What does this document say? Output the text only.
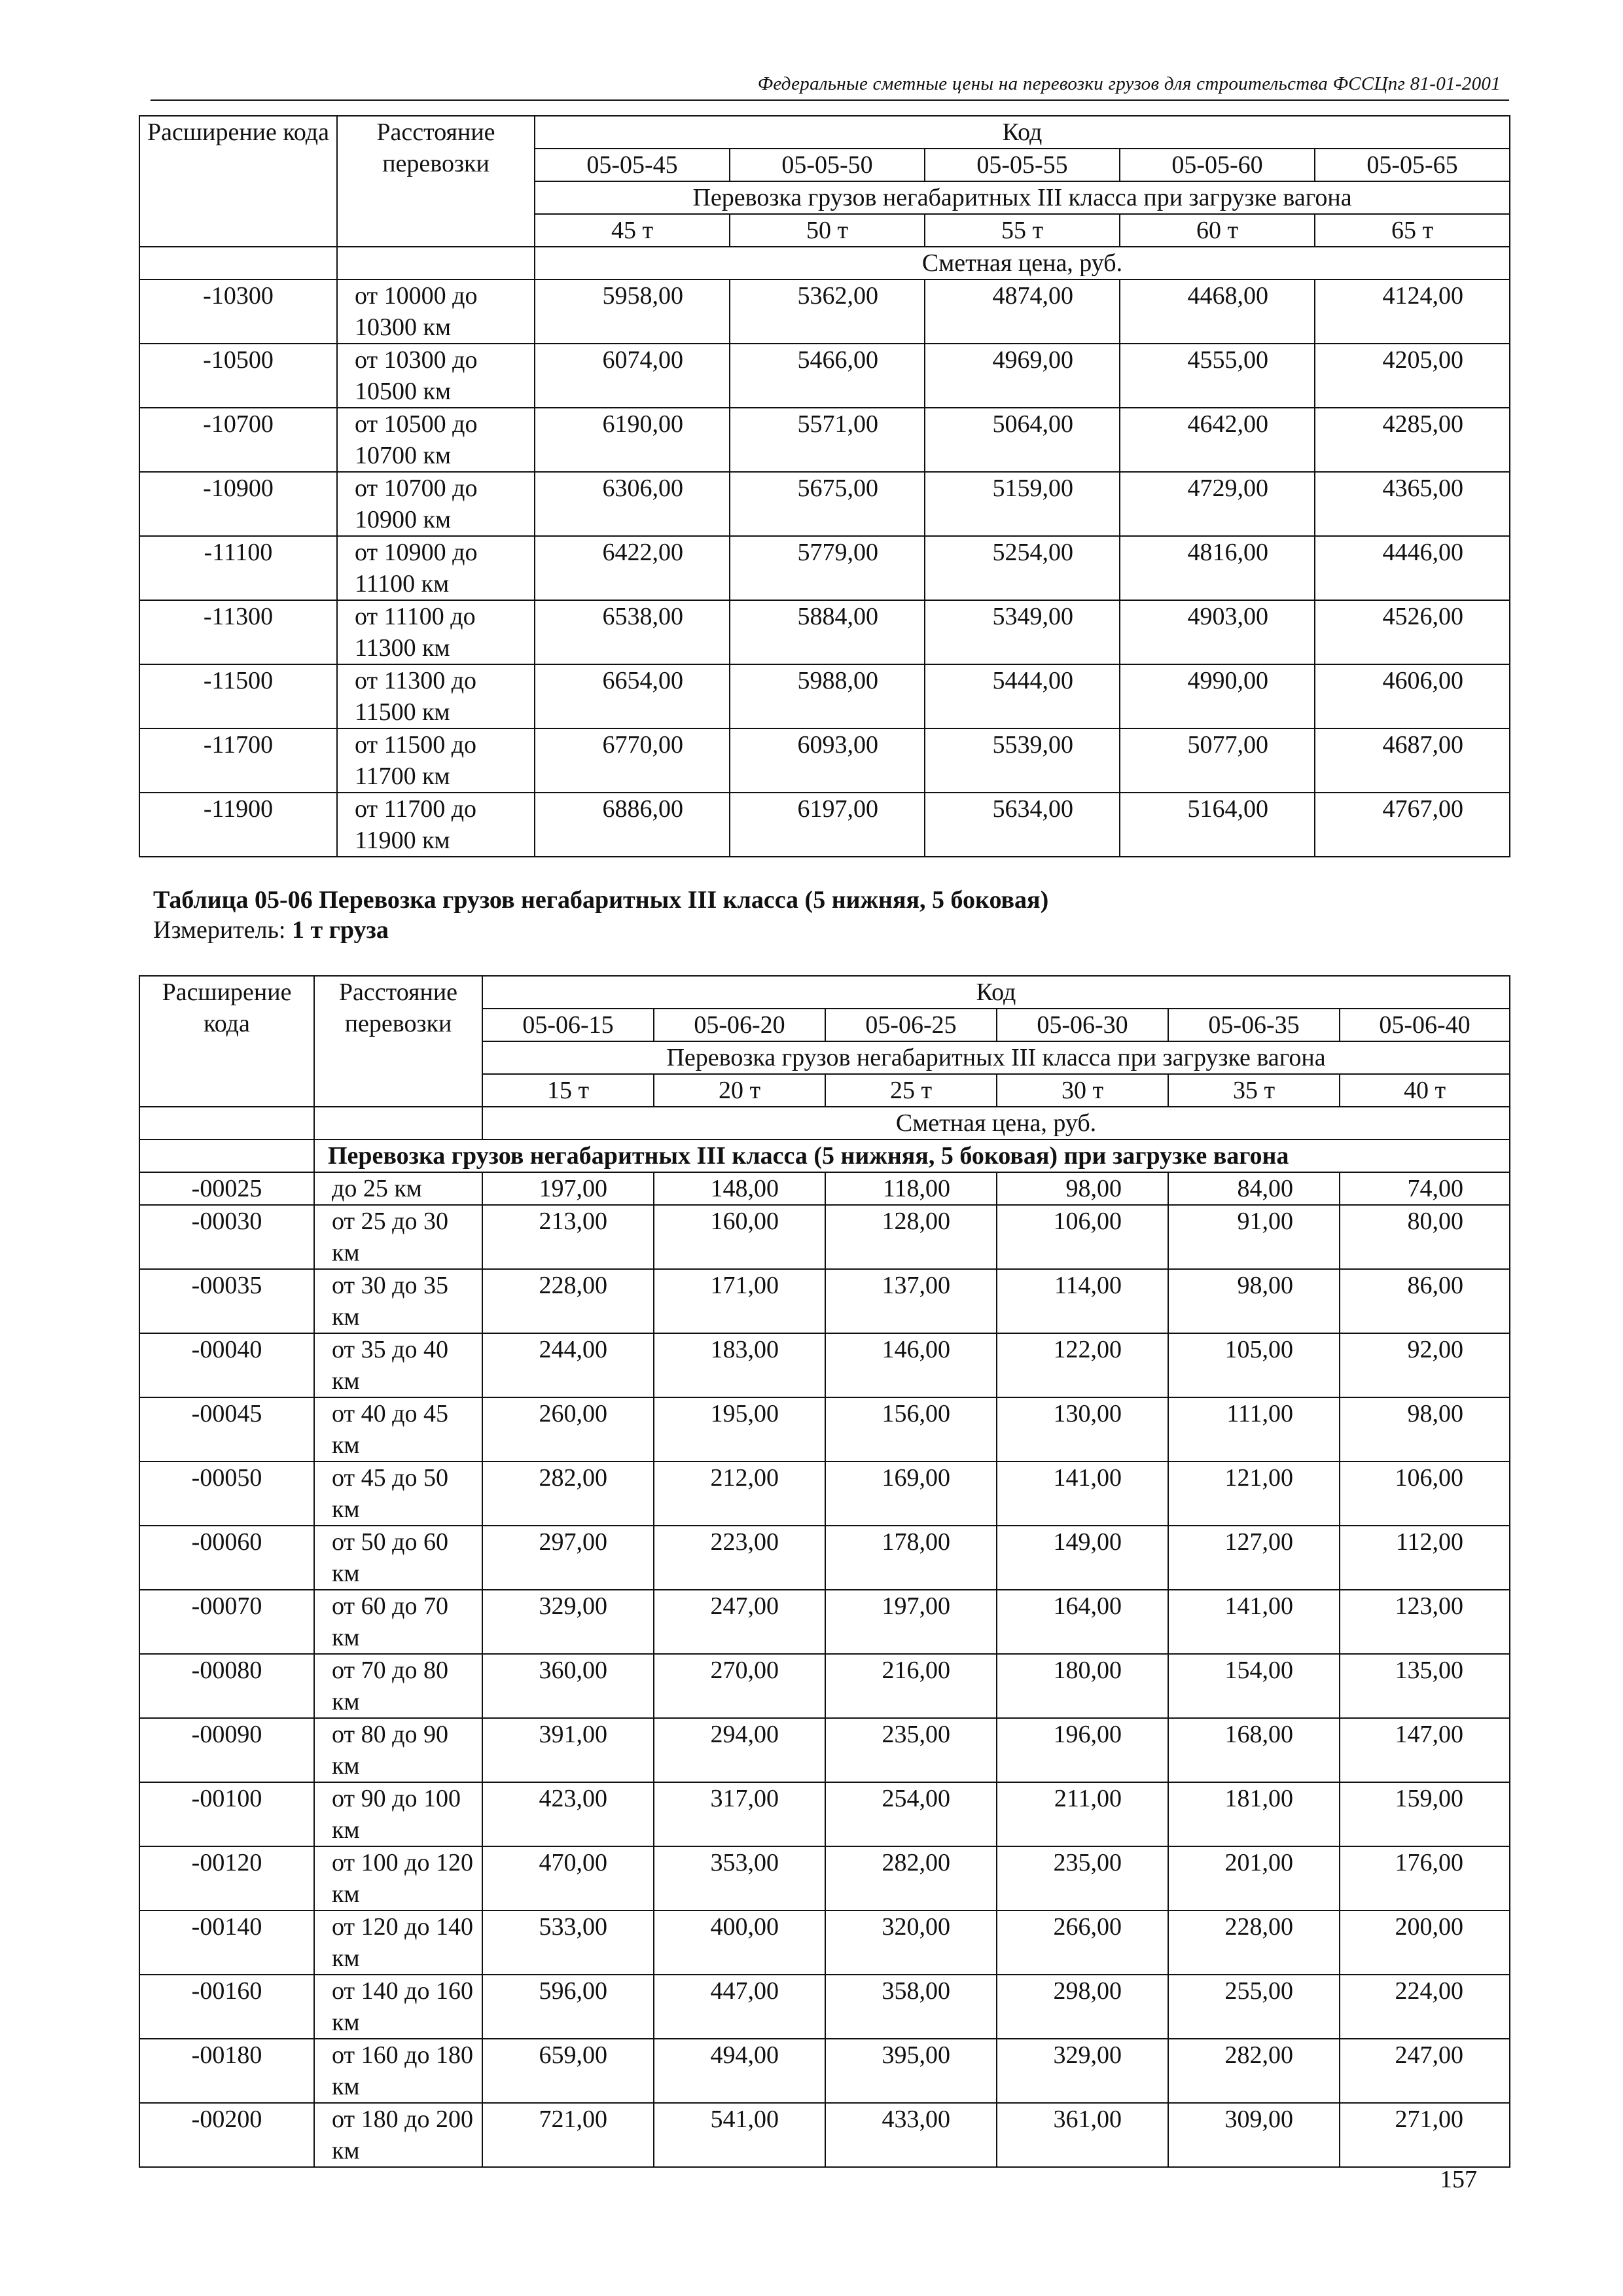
Федеральные сметные цены на перевозки грузов для строительства ФССЦпг 81-01-2001
Расширение кода	Расстояние перевозки	Код				
		05-05-45	05-05-50	05-05-55	05-05-60	05-05-65
		Перевозка грузов негабаритных III класса при загрузке вагона				
		45 т	50 т	55 т	60 т	65 т
		Сметная цена, руб.				
-10300	от 10000 до 10300 км	5958,00	5362,00	4874,00	4468,00	4124,00
-10500	от 10300 до 10500 км	6074,00	5466,00	4969,00	4555,00	4205,00
-10700	от 10500 до 10700 км	6190,00	5571,00	5064,00	4642,00	4285,00
-10900	от 10700 до 10900 км	6306,00	5675,00	5159,00	4729,00	4365,00
-11100	от 10900 до 11100 км	6422,00	5779,00	5254,00	4816,00	4446,00
-11300	от 11100 до 11300 км	6538,00	5884,00	5349,00	4903,00	4526,00
-11500	от 11300 до 11500 км	6654,00	5988,00	5444,00	4990,00	4606,00
-11700	от 11500 до 11700 км	6770,00	6093,00	5539,00	5077,00	4687,00
-11900	от 11700 до 11900 км	6886,00	6197,00	5634,00	5164,00	4767,00
Таблица 05-06 Перевозка грузов негабаритных III класса (5 нижняя, 5 боковая)
Измеритель: 1 т груза
Расширение кода	Расстояние перевозки	Код					
		05-06-15	05-06-20	05-06-25	05-06-30	05-06-35	05-06-40
		Перевозка грузов негабаритных III класса при загрузке вагона					
		15 т	20 т	25 т	30 т	35 т	40 т
		Сметная цена, руб.					
	Перевозка грузов негабаритных III класса (5 нижняя, 5 боковая) при загрузке вагона						
-00025	до 25 км	197,00	148,00	118,00	98,00	84,00	74,00
-00030	от 25 до 30 км	213,00	160,00	128,00	106,00	91,00	80,00
-00035	от 30 до 35 км	228,00	171,00	137,00	114,00	98,00	86,00
-00040	от 35 до 40 км	244,00	183,00	146,00	122,00	105,00	92,00
-00045	от 40 до 45 км	260,00	195,00	156,00	130,00	111,00	98,00
-00050	от 45 до 50 км	282,00	212,00	169,00	141,00	121,00	106,00
-00060	от 50 до 60 км	297,00	223,00	178,00	149,00	127,00	112,00
-00070	от 60 до 70 км	329,00	247,00	197,00	164,00	141,00	123,00
-00080	от 70 до 80 км	360,00	270,00	216,00	180,00	154,00	135,00
-00090	от 80 до 90 км	391,00	294,00	235,00	196,00	168,00	147,00
-00100	от 90 до 100 км	423,00	317,00	254,00	211,00	181,00	159,00
-00120	от 100 до 120 км	470,00	353,00	282,00	235,00	201,00	176,00
-00140	от 120 до 140 км	533,00	400,00	320,00	266,00	228,00	200,00
-00160	от 140 до 160 км	596,00	447,00	358,00	298,00	255,00	224,00
-00180	от 160 до 180 км	659,00	494,00	395,00	329,00	282,00	247,00
-00200	от 180 до 200 км	721,00	541,00	433,00	361,00	309,00	271,00
157
